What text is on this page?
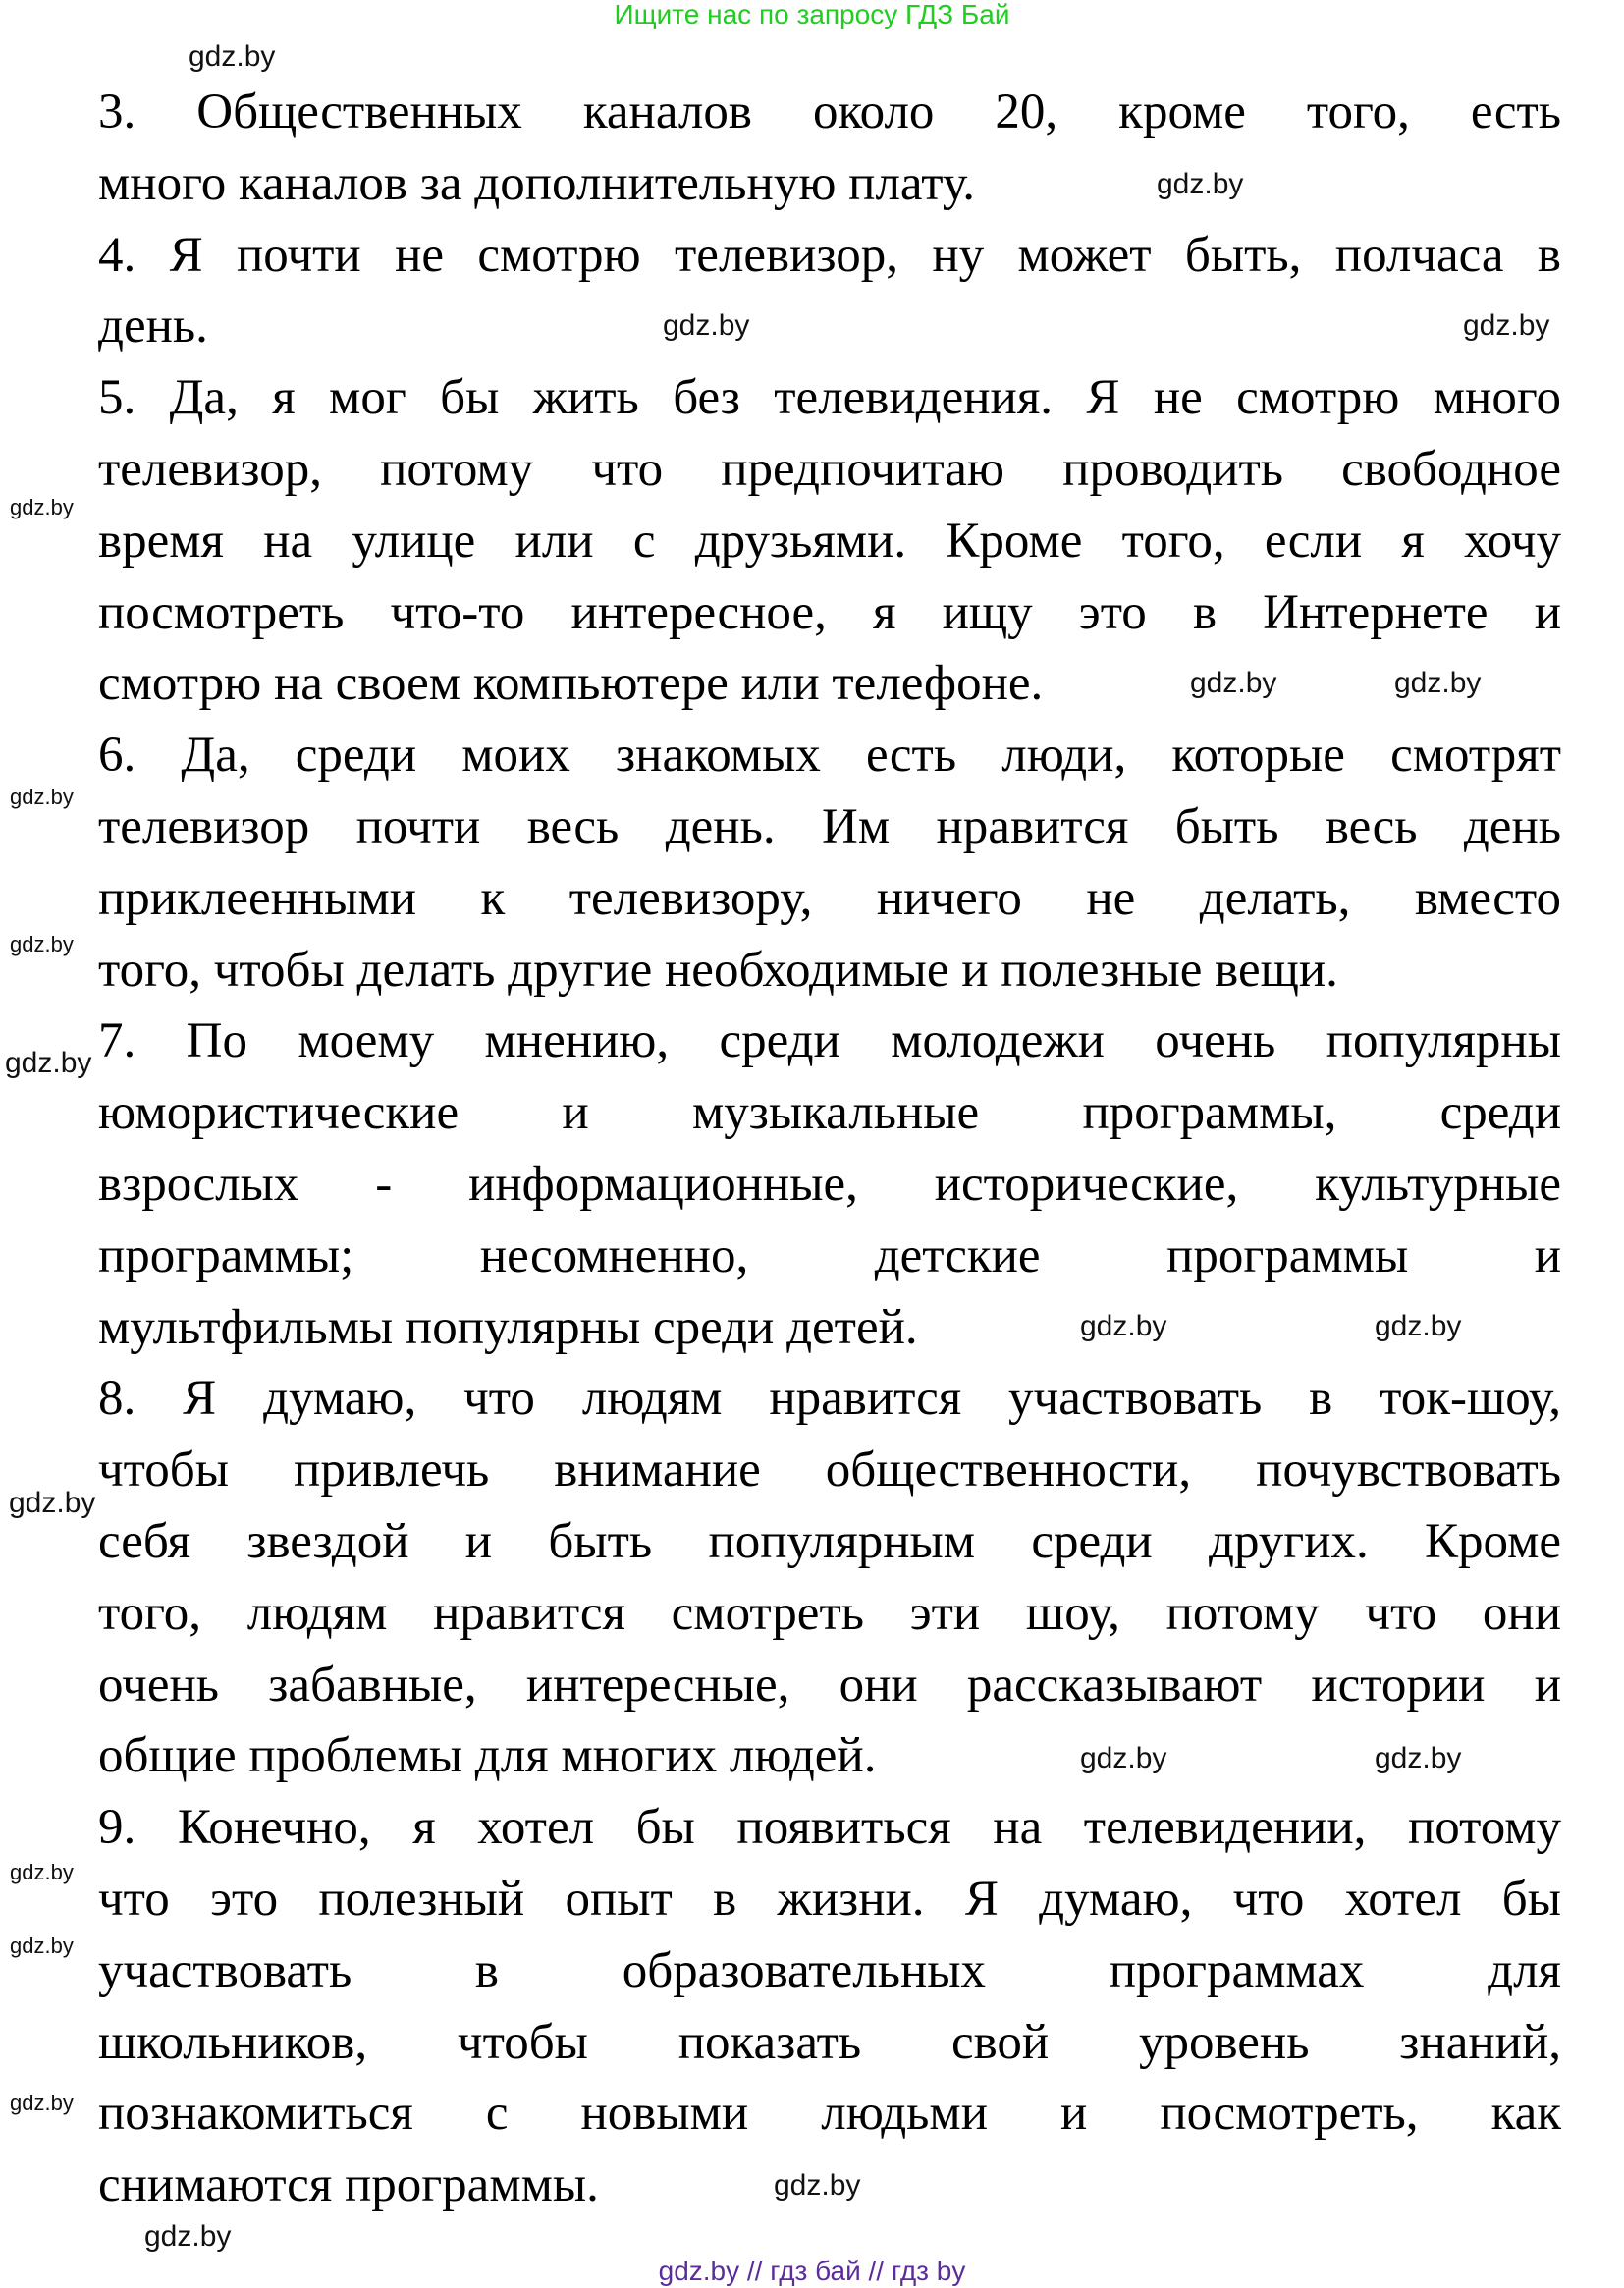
Ищите нас по запросу ГДЗ Бай
3. Общественных каналов около 20, кроме того, есть
много каналов за дополнительную плату.
4. Я почти не смотрю телевизор, ну может быть, полчаса в
день.
5. Да, я мог бы жить без телевидения. Я не смотрю много
телевизор, потому что предпочитаю проводить свободное
время на улице или с друзьями. Кроме того, если я хочу
посмотреть что-то интересное, я ищу это в Интернете и
смотрю на своем компьютере или телефоне.
6. Да, среди моих знакомых есть люди, которые смотрят
телевизор почти весь день. Им нравится быть весь день
приклеенными к телевизору, ничего не делать, вместо
того, чтобы делать другие необходимые и полезные вещи.
7. По моему мнению, среди молодежи очень популярны
юмористические и музыкальные программы, среди
взрослых - информационные, исторические, культурные
программы; несомненно, детские программы и
мультфильмы популярны среди детей.
8. Я думаю, что людям нравится участвовать в ток-шоу,
чтобы привлечь внимание общественности, почувствовать
себя звездой и быть популярным среди других. Кроме
того, людям нравится смотреть эти шоу, потому что они
очень забавные, интересные, они рассказывают истории и
общие проблемы для многих людей.
9. Конечно, я хотел бы появиться на телевидении, потому
что это полезный опыт в жизни. Я думаю, что хотел бы
участвовать в образовательных программах для
школьников, чтобы показать свой уровень знаний,
познакомиться с новыми людьми и посмотреть, как
снимаются программы.
gdz.by
gdz.by
gdz.by	gdz.by
gdz.by
gdz.by	gdz.by
gdz.by
gdz.by
gdz.by
gdz.by	gdz.by
gdz.by
gdz.by	gdz.by
gdz.by
gdz.by
gdz.by
gdz.by
gdz.by
gdz.by // гдз бай // гдз by
